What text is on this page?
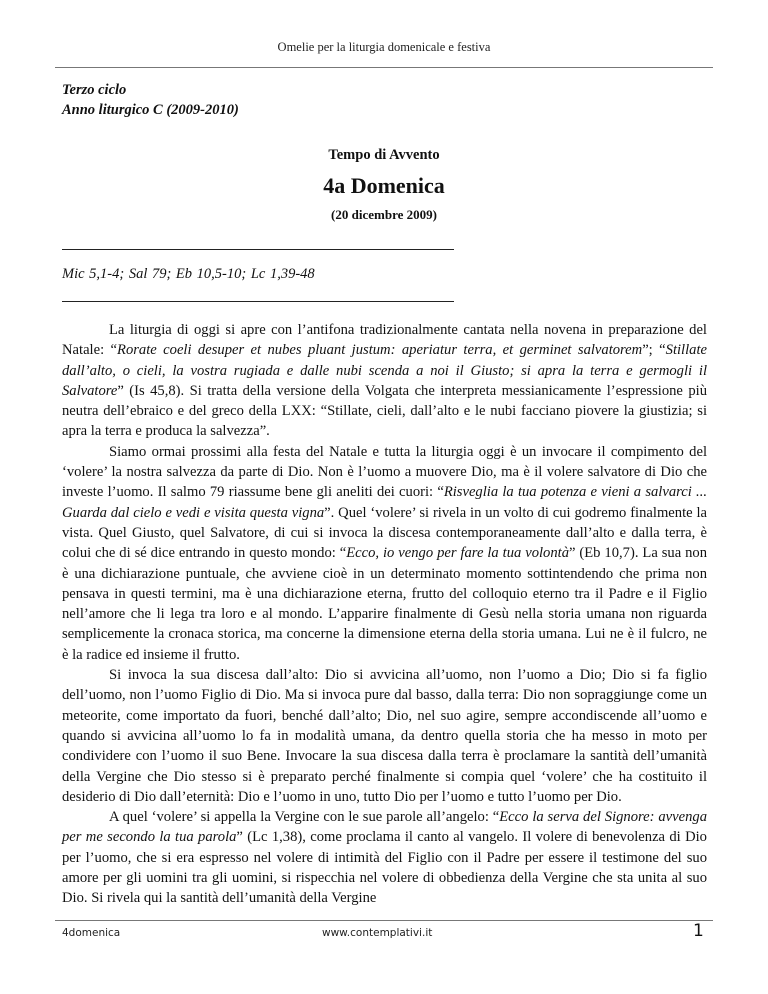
Omelie per la liturgia domenicale e festiva
Terzo ciclo
Anno liturgico C (2009-2010)
Tempo di Avvento
4a Domenica
(20 dicembre 2009)
Mic 5,1-4; Sal 79; Eb 10,5-10; Lc 1,39-48

La liturgia di oggi si apre con l’antifona tradizionalmente cantata nella novena in preparazione del Natale: “Rorate coeli desuper et nubes pluant justum: aperiatur terra, et germinet salvatorem”; “Stillate dall’alto, o cieli, la vostra rugiada e dalle nubi scenda a noi il Giusto; si apra la terra e germogli il Salvatore” (Is 45,8). Si tratta della versione della Volgata che interpreta messianicamente l’espressione più neutra dell’ebraico e del greco della LXX: “Stillate, cieli, dall’alto e le nubi facciano piovere la giustizia; si apra la terra e produca la salvezza”.

Siamo ormai prossimi alla festa del Natale e tutta la liturgia oggi è un invocare il compimento del ‘volere’ la nostra salvezza da parte di Dio. Non è l’uomo a muovere Dio, ma è il volere salvatore di Dio che investe l’uomo. Il salmo 79 riassume bene gli aneliti dei cuori: “Risveglia la tua potenza e vieni a salvarci ... Guarda dal cielo e vedi e visita questa vigna”. Quel ‘volere’ si rivela in un volto di cui godremo finalmente la vista. Quel Giusto, quel Salvatore, di cui si invoca la discesa contemporaneamente dall’alto e dalla terra, è colui che di sé dice entrando in questo mondo: “Ecco, io vengo per fare la tua volontà” (Eb 10,7). La sua non è una dichiarazione puntuale, che avviene cioè in un determinato momento sottintendendo che prima non pensava in questi termini, ma è una dichiarazione eterna, frutto del colloquio eterno tra il Padre e il Figlio nell’amore che li lega tra loro e al mondo. L’apparire finalmente di Gesù nella storia umana non riguarda semplicemente la cronaca storica, ma concerne la dimensione eterna della storia umana. Lui ne è il fulcro, ne è la radice ed insieme il frutto.

Si invoca la sua discesa dall’alto: Dio si avvicina all’uomo, non l’uomo a Dio; Dio si fa figlio dell’uomo, non l’uomo Figlio di Dio. Ma si invoca pure dal basso, dalla terra: Dio non sopraggiunge come un meteorite, come importato da fuori, benché dall’alto; Dio, nel suo agire, sempre accondiscende all’uomo e quando si avvicina all’uomo lo fa in modalità umana, da dentro quella storia che ha messo in moto per condividere con l’uomo il suo Bene. Invocare la sua discesa dalla terra è proclamare la santità dell’umanità della Vergine che Dio stesso si è preparato perché finalmente si compia quel ‘volere’ che ha costituito il desiderio di Dio dall’eternità: Dio e l’uomo in uno, tutto Dio per l’uomo e tutto l’uomo per Dio.

A quel ‘volere’ si appella la Vergine con le sue parole all’angelo: “Ecco la serva del Signore: avvenga per me secondo la tua parola” (Lc 1,38), come proclama il canto al vangelo. Il volere di benevolenza di Dio per l’uomo, che si era espresso nel volere di intimità del Figlio con il Padre per essere il testimone del suo amore per gli uomini tra gli uomini, si rispecchia nel volere di obbedienza della Vergine che sta unita al suo Dio. Si rivela qui la santità dell’umanità della Vergine

4domenica	www.contemplativi.it	1
